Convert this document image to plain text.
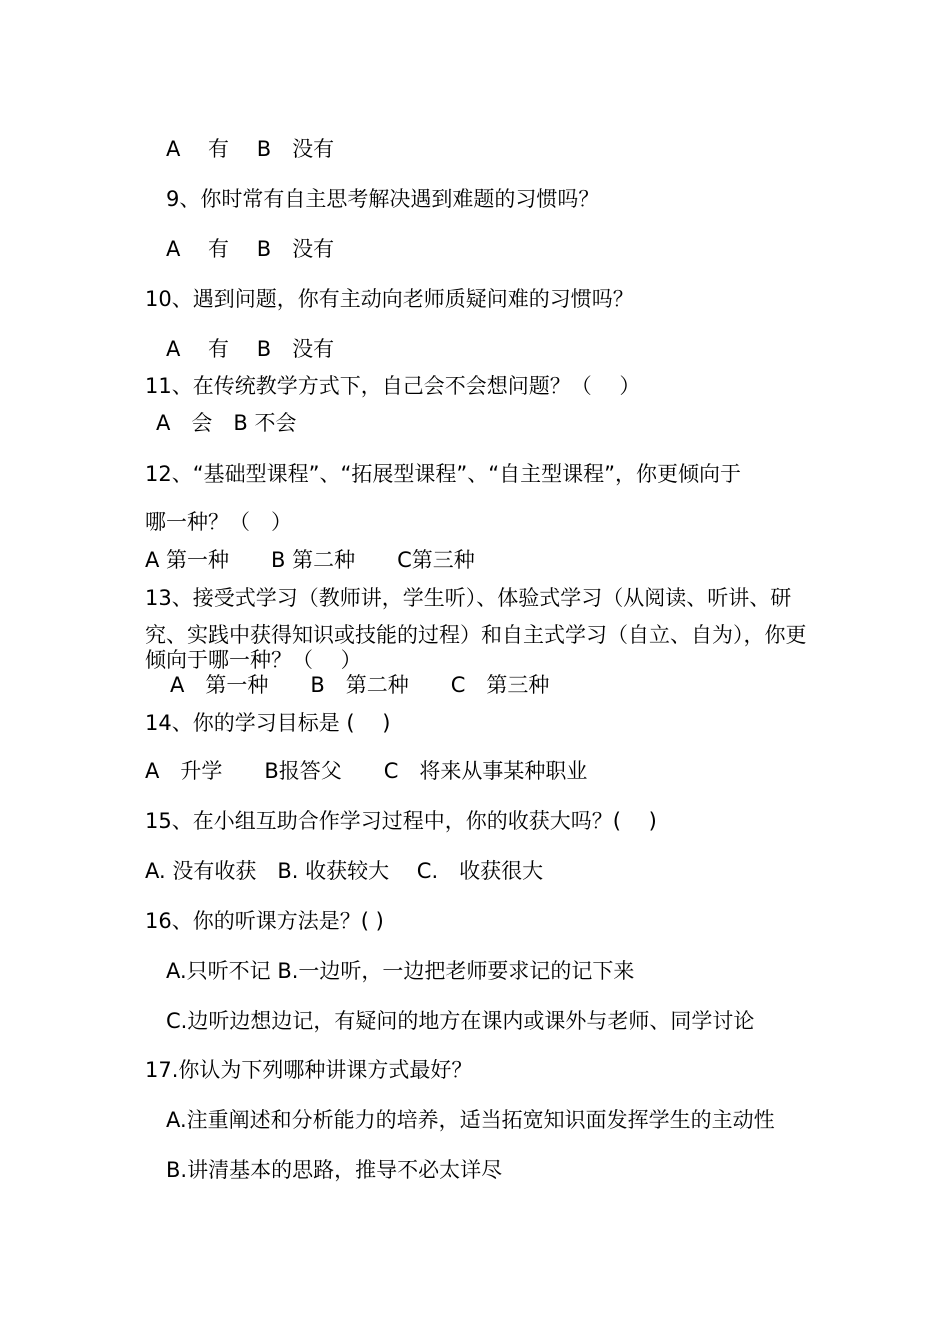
A　 有　 B　没有
9、你时常有自主思考解决遇到难题的习惯吗？
A　 有　 B　没有
10、遇到问题，你有主动向老师质疑问难的习惯吗？
A　 有　 B　没有
11、在传统教学方式下，自己会不会想问题？（　 ）
A　会　B 不会
12、“基础型课程”、“拓展型课程”、“自主型课程”，你更倾向于
哪一种？（　）
A 第一种　　B 第二种　　C第三种
13、接受式学习（教师讲，学生听）、体验式学习（从阅读、听讲、研
究、实践中获得知识或技能的过程）和自主式学习（自立、自为），你更
倾向于哪一种？（　 ）
A　第一种　　B　第二种　　C　第三种
14、你的学习目标是 (　 )
A　升学　　B报答父　　C　将来从事某种职业
15、在小组互助合作学习过程中，你的收获大吗？(　 )
A. 没有收获　B. 收获较大　 C.　收获很大
16、你的听课方法是？( )
A.只听不记 B.一边听，一边把老师要求记的记下来
C.边听边想边记，有疑问的地方在课内或课外与老师、同学讨论
17.你认为下列哪种讲课方式最好？
A.注重阐述和分析能力的培养，适当拓宽知识面发挥学生的主动性
B.讲清基本的思路，推导不必太详尽
